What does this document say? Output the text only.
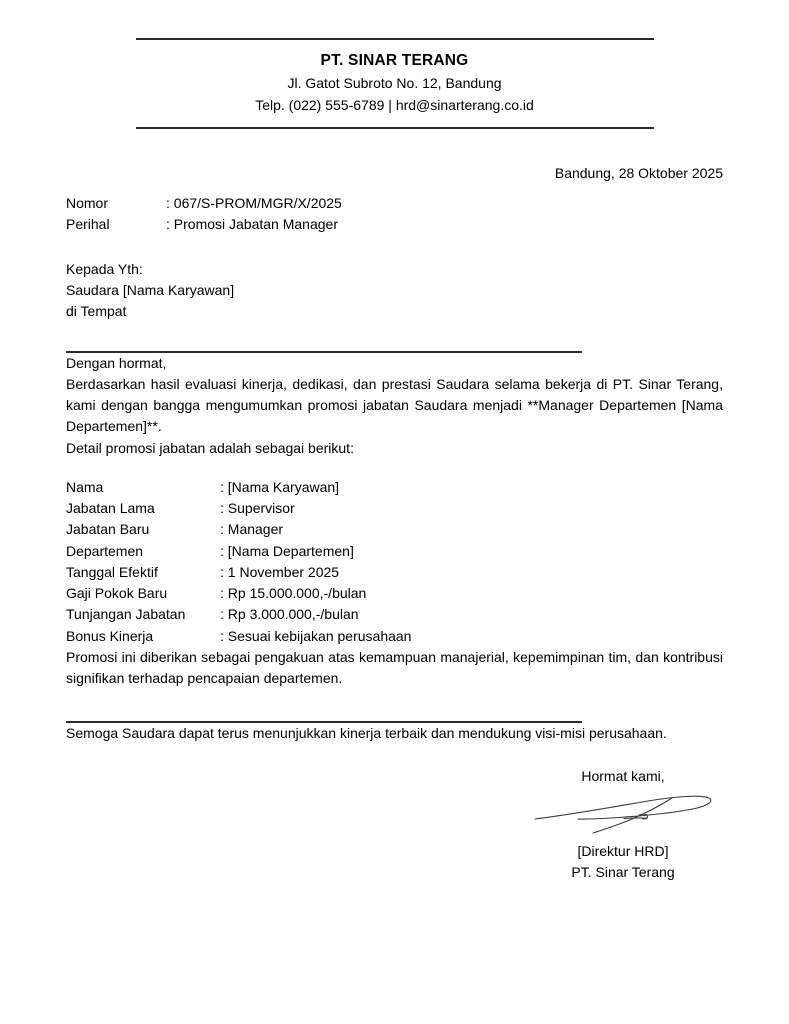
PT. SINAR TERANG
Jl. Gatot Subroto No. 12, Bandung
Telp. (022) 555-6789 | hrd@sinarterang.co.id
Bandung, 28 Oktober 2025
Nomor	: 067/S-PROM/MGR/X/2025
Perihal	: Promosi Jabatan Manager
Kepada Yth:
Saudara [Nama Karyawan]
di Tempat

Dengan hormat,

Berdasarkan hasil evaluasi kinerja, dedikasi, dan prestasi Saudara selama bekerja di PT. Sinar Terang, kami dengan bangga mengumumkan promosi jabatan Saudara menjadi **Manager Departemen [Nama Departemen]**.

Detail promosi jabatan adalah sebagai berikut:

Nama	: [Nama Karyawan]
Jabatan Lama	: Supervisor
Jabatan Baru	: Manager
Departemen	: [Nama Departemen]
Tanggal Efektif	: 1 November 2025
Gaji Pokok Baru	: Rp 15.000.000,-/bulan
Tunjangan Jabatan	: Rp 3.000.000,-/bulan
Bonus Kinerja	: Sesuai kebijakan perusahaan

Promosi ini diberikan sebagai pengakuan atas kemampuan manajerial, kepemimpinan tim, dan kontribusi signifikan terhadap pencapaian departemen.

Semoga Saudara dapat terus menunjukkan kinerja terbaik dan mendukung visi-misi perusahaan.

Hormat kami,
[Direktur HRD]
PT. Sinar Terang
